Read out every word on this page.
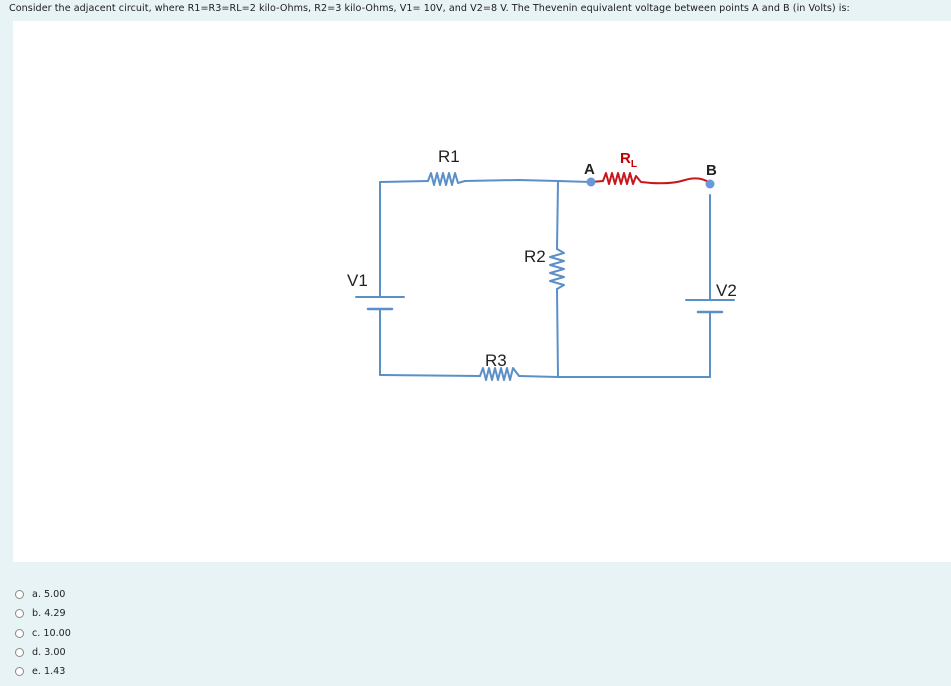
Consider the adjacent circuit, where R1=R3=RL=2 kilo-Ohms, R2=3 kilo-Ohms, V1= 10V, and V2=8 V. The Thevenin equivalent voltage between points A and B (in Volts) is:
R1
R2
R3
V1
V2
A	B
$R_L$
a. 5.00
b. 4.29
c. 10.00
d. 3.00
e. 1.43
